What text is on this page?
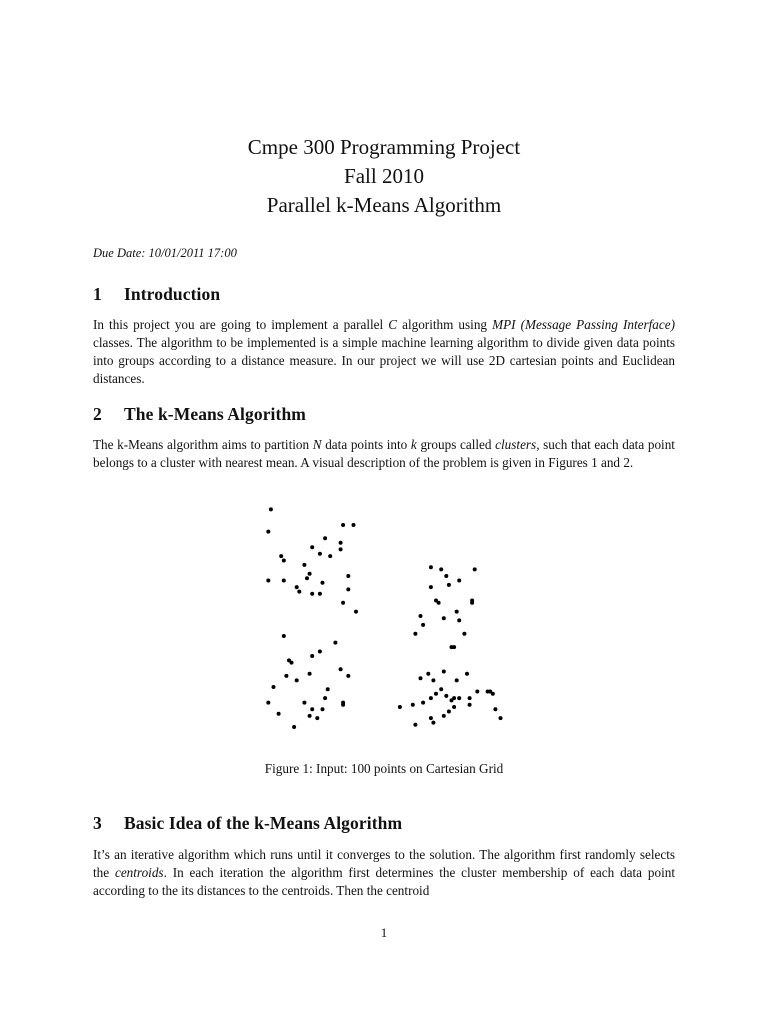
Cmpe 300 Programming Project
Fall 2010
Parallel k-Means Algorithm
Due Date: 10/01/2011 17:00
1 Introduction

In this project you are going to implement a parallel C algorithm using MPI (Message Passing Interface) classes. The algorithm to be implemented is a simple machine learning algorithm to divide given data points into groups according to a distance measure. In our project we will use 2D cartesian points and Euclidean distances.

2 The k-Means Algorithm

The k-Means algorithm aims to partition N data points into k groups called clusters, such that each data point belongs to a cluster with nearest mean. A visual description of the problem is given in Figures 1 and 2.

Figure 1: Input: 100 points on Cartesian Grid
3 Basic Idea of the k-Means Algorithm

It’s an iterative algorithm which runs until it converges to the solution. The algorithm first randomly selects the centroids. In each iteration the algorithm first determines the cluster membership of each data point according to the its distances to the centroids. Then the centroid

1
